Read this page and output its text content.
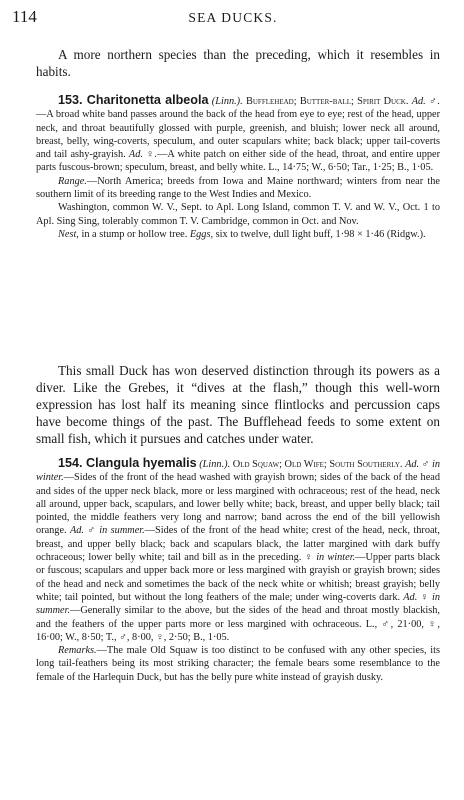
114	SEA DUCKS.
A more northern species than the preceding, which it resembles in habits.

153. Charitonetta albeola (Linn.). Bufflehead; Butter-ball; Spirit Duck. Ad. ♂.—A broad white band passes around the back of the head from eye to eye; rest of the head, upper neck, and throat beautifully glossed with purple, greenish, and bluish; lower neck all around, breast, belly, wing-coverts, speculum, and outer scapulars white; back black; upper tail-coverts and tail ashy-grayish. Ad. ♀.—A white patch on either side of the head, throat, and entire upper parts fuscous-brown; speculum, breast, and belly white. L., 14·75; W., 6·50; Tar., 1·25; B., 1·05.

Range.—North America; breeds from Iowa and Maine northward; winters from near the southern limit of its breeding range to the West Indies and Mexico.

Washington, common W. V., Sept. to Apl. Long Island, common T. V. and W. V., Oct. 1 to Apl. Sing Sing, tolerably common T. V. Cambridge, common in Oct. and Nov.

Nest, in a stump or hollow tree. Eggs, six to twelve, dull light buff, 1·98 × 1·46 (Ridgw.).

This small Duck has won deserved distinction through its powers as a diver. Like the Grebes, it “dives at the flash,” though this well-worn expression has lost half its meaning since flintlocks and percussion caps have become things of the past. The Bufflehead feeds to some extent on small fish, which it pursues and catches under water.

154. Clangula hyemalis (Linn.). Old Squaw; Old Wife; South Southerly. Ad. ♂ in winter.—Sides of the front of the head washed with grayish brown; sides of the back of the head and sides of the upper neck black, more or less margined with ochraceous; rest of the head, neck all around, upper back, scapulars, and lower belly white; back, breast, and upper belly black; tail pointed, the middle feathers very long and narrow; band across the end of the bill yellowish orange. Ad. ♂ in summer.—Sides of the front of the head white; crest of the head, neck, throat, breast, and upper belly black; back and scapulars black, the latter margined with dark buffy ochraceous; lower belly white; tail and bill as in the preceding. ♀ in winter.—Upper parts black or fuscous; scapulars and upper back more or less margined with grayish or grayish brown; sides of the head and neck and sometimes the back of the neck white or whitish; breast grayish; belly white; tail pointed, but without the long feathers of the male; under wing-coverts dark. Ad. ♀ in summer.—Generally similar to the above, but the sides of the head and throat mostly blackish, and the feathers of the upper parts more or less margined with ochraceous. L., ♂, 21·00, ♀, 16·00; W., 8·50; T., ♂, 8·00, ♀, 2·50; B., 1·05.

Remarks.—The male Old Squaw is too distinct to be confused with any other species, its long tail-feathers being its most striking character; the female bears some resemblance to the female of the Harlequin Duck, but has the belly pure white instead of grayish dusky.
